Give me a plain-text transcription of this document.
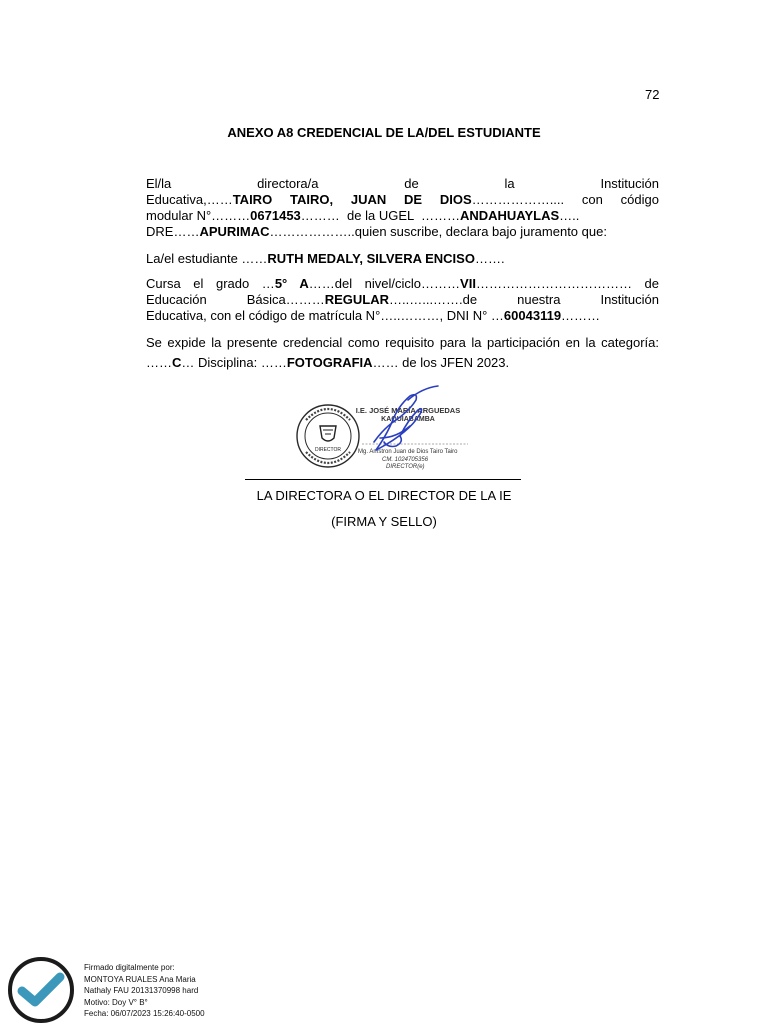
72
ANEXO A8 CREDENCIAL DE LA/DEL ESTUDIANTE

El/la directora/a de la Institución
Educativa,……TAIRO TAIRO, JUAN DE DIOS……………….... con código
modular N°………0671453………  de la UGEL  ………ANDAHUAYLAS…..
DRE……APURIMAC………………..quien suscribe, declara bajo juramento que:

La/el estudiante ……RUTH MEDALY, SILVERA ENCISO…….

Cursa el grado …5° A……del nivel/ciclo………VII……………………………… de
Educación Básica………REGULAR…..…...…….de nuestra Institución
Educativa, con el código de matrícula N°…..………, DNI N° …60043119………

Se expide la presente credencial como requisito para la participación en la categoría: ……C… Disciplina: ……FOTOGRAFIA…… de los JFEN 2023.

DIRECTOR
I.E. JOSÉ MARÍA ARGUEDAS
KAQUIABAMBA
Mg. Amstron Juan de Dios Tairo Tairo
CM. 1024705356
DIRECTOR(e)
LA DIRECTORA O EL DIRECTOR DE LA IE
(FIRMA Y SELLO)
Firmado digitalmente por:
MONTOYA RUALES Ana Maria
Nathaly FAU 20131370998 hard
Motivo: Doy V° B°
Fecha: 06/07/2023 15:26:40-0500
